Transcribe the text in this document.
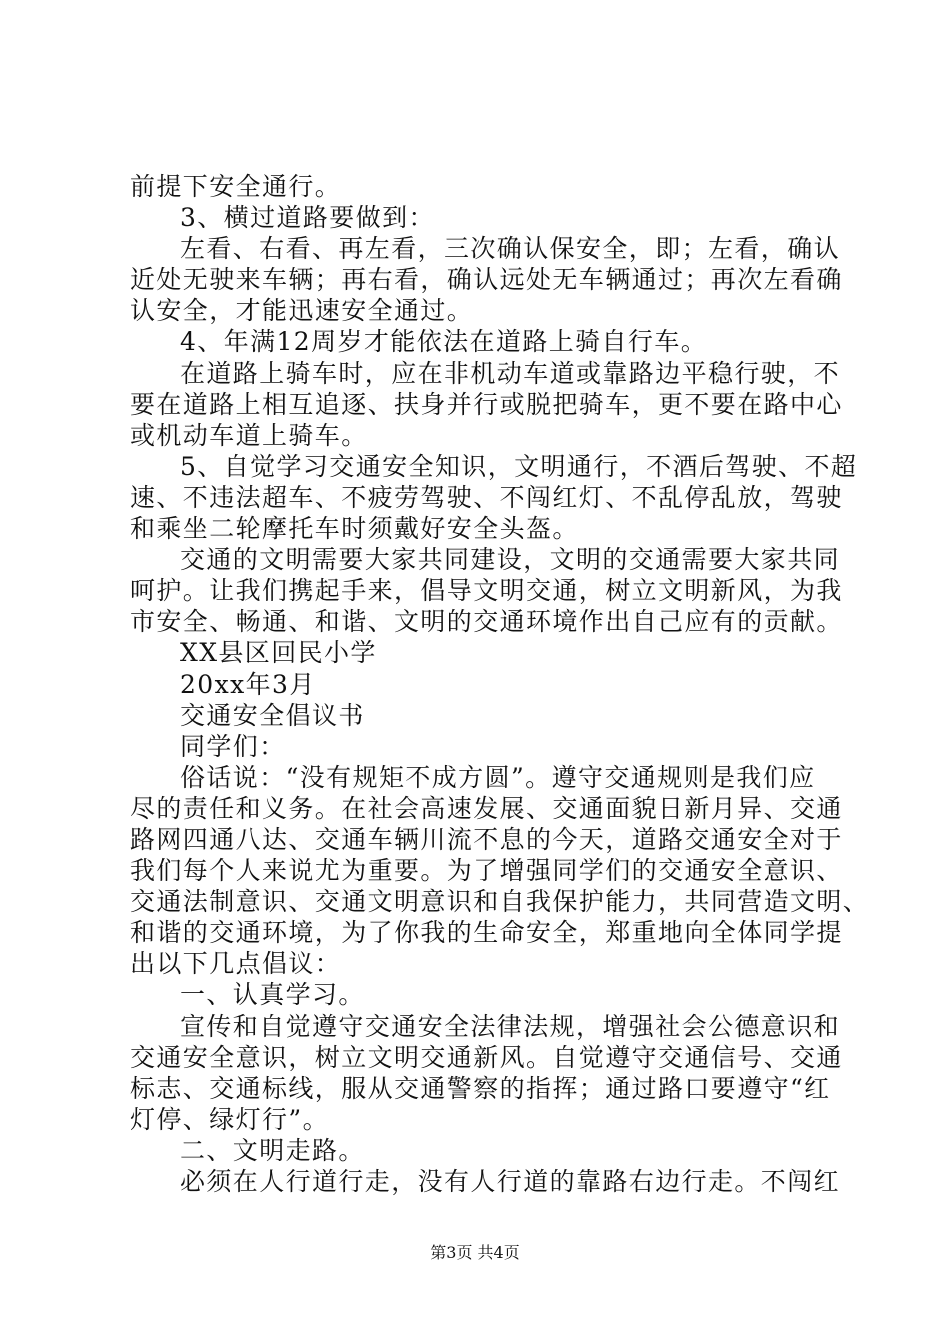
前提下安全通行。
3、横过道路要做到：
左看、右看、再左看，三次确认保安全，即；左看，确认
近处无驶来车辆；再右看，确认远处无车辆通过；再次左看确
认安全，才能迅速安全通过。
4、年满12周岁才能依法在道路上骑自行车。
在道路上骑车时，应在非机动车道或靠路边平稳行驶，不
要在道路上相互追逐、扶身并行或脱把骑车，更不要在路中心
或机动车道上骑车。
5、自觉学习交通安全知识，文明通行，不酒后驾驶、不超
速、不违法超车、不疲劳驾驶、不闯红灯、不乱停乱放，驾驶
和乘坐二轮摩托车时须戴好安全头盔。
交通的文明需要大家共同建设，文明的交通需要大家共同
呵护。让我们携起手来，倡导文明交通，树立文明新风，为我
市安全、畅通、和谐、文明的交通环境作出自己应有的贡献。
XX县区回民小学
20xx年3月
交通安全倡议书
同学们：
俗话说：“没有规矩不成方圆”。遵守交通规则是我们应
尽的责任和义务。在社会高速发展、交通面貌日新月异、交通
路网四通八达、交通车辆川流不息的今天，道路交通安全对于
我们每个人来说尤为重要。为了增强同学们的交通安全意识、
交通法制意识、交通文明意识和自我保护能力，共同营造文明、
和谐的交通环境，为了你我的生命安全，郑重地向全体同学提
出以下几点倡议：
一、认真学习。
宣传和自觉遵守交通安全法律法规，增强社会公德意识和
交通安全意识，树立文明交通新风。自觉遵守交通信号、交通
标志、交通标线，服从交通警察的指挥；通过路口要遵守“红
灯停、绿灯行”。
二、文明走路。
必须在人行道行走，没有人行道的靠路右边行走。不闯红
第3页 共4页
